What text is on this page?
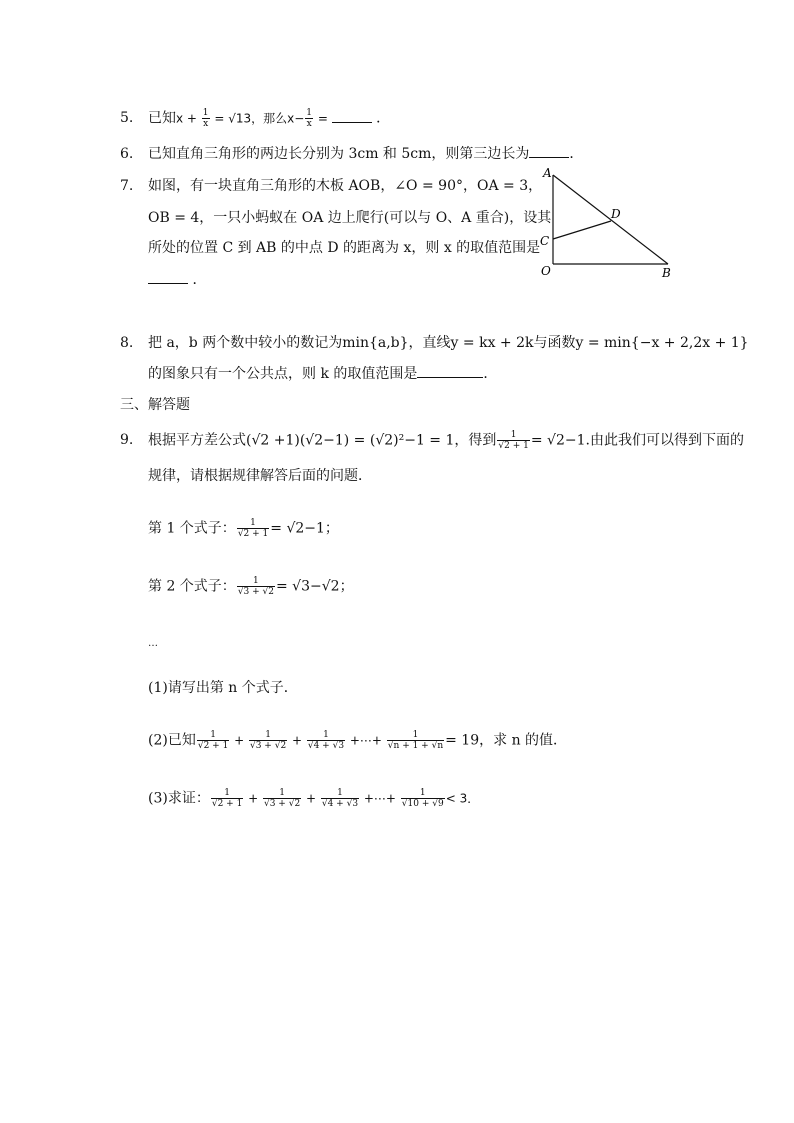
5. 已知$x + \frac{1}{x} = √13$，那么$x- \frac{1}{x}$ =	．
6. 已知直角三角形的两边长分别为 3cm 和 5cm，则第三边长为	．
7. 如图，有一块直角三角形的木板 AOB，∠O = 90°，OA = 3，
OB = 4，一只小蚂蚁在 OA 边上爬行(可以与 O、A 重合)，设其
所处的位置 C 到 AB 的中点 D 的距离为 x，则 x 的取值范围是
．
A
O	B
C
D
8. 把 a，b 两个数中较小的数记为min{a,b}，直线y = kx + 2k与函数y = min{−x + 2,2x + 1}
的图象只有一个公共点，则 k 的取值范围是	．
三、解答题
9. 根据平方差公式(√2 +1)(√2−1) = (√2)²−1 = 1，得到 $\frac{1}{√2 + 1} = √2-1$.由此我们可以得到下面的
规律，请根据规律解答后面的问题．
第 1 个式子： $\frac{1}{√2 + 1} = √2-1$；
第 2 个式子： $\frac{1}{√3 + √2} = √3-√2$；
…
(1)请写出第 n 个式子．
(2)已知 $\frac{1}{√2 + 1} + \frac{1}{√3 + √2} + \frac{1}{√4 + √3}$ +⋯+ $\frac{1}{√n + 1 + √n} = 19$，求 n 的值．
(3)求证： $\frac{1}{√2 + 1} + \frac{1}{√3 + √2} + \frac{1}{√4 + √3}$ +⋯+ $\frac{1}{√10 + √9} < 3$．
